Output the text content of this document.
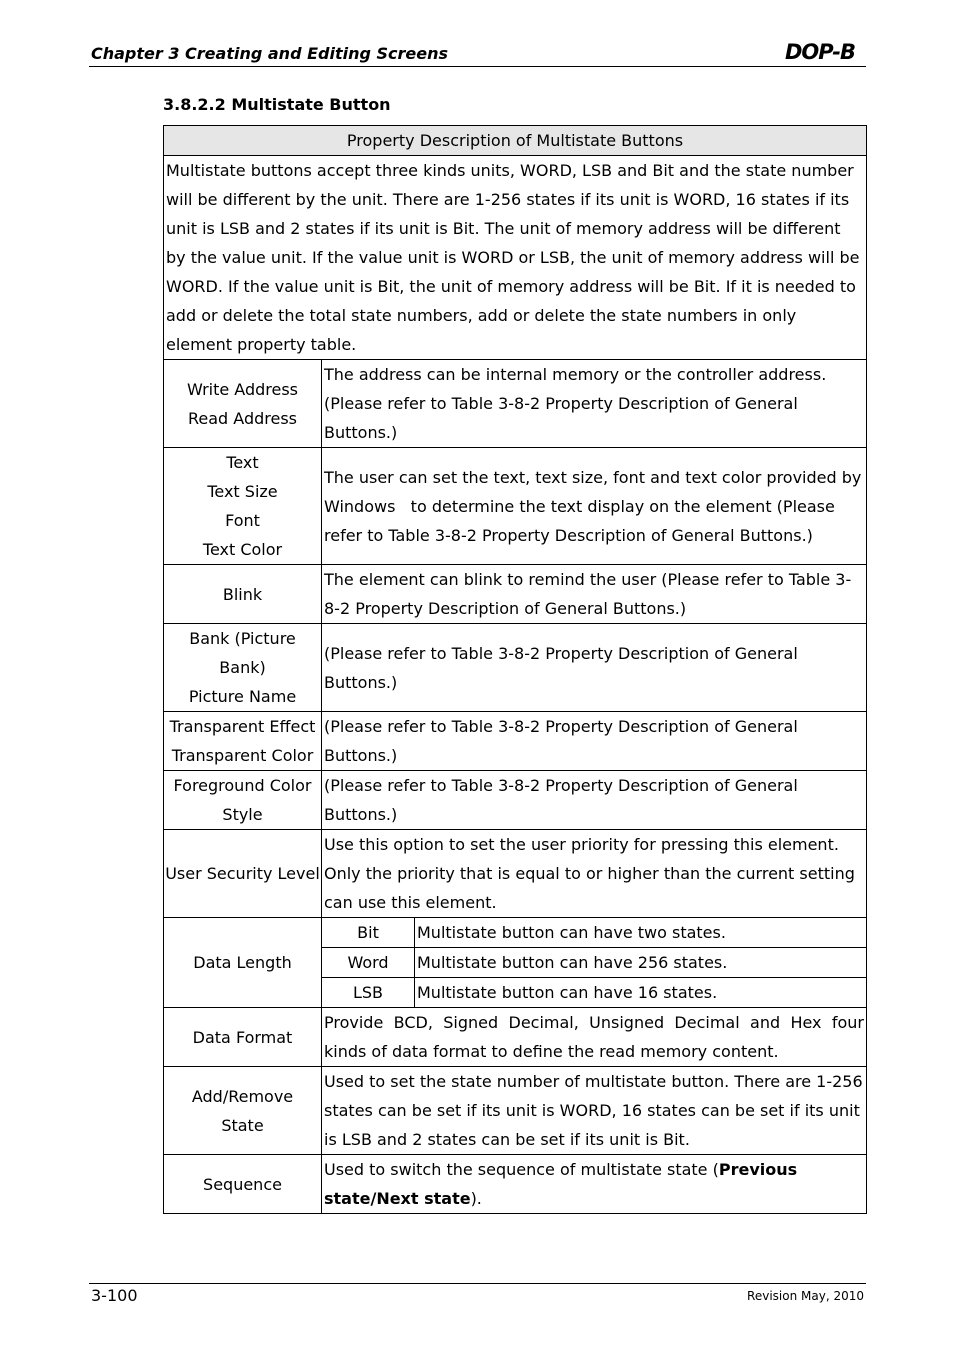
Chapter 3 Creating and Editing Screens	DOP-B
3.8.2.2 Multistate Button
Property Description of Multistate Buttons		
Multistate buttons accept three kinds units, WORD, LSB and Bit and the state number will be different by the unit. There are 1-256 states if its unit is WORD, 16 states if its unit is LSB and 2 states if its unit is Bit. The unit of memory address will be different by the value unit. If the value unit is WORD or LSB, the unit of memory address will be WORD. If the value unit is Bit, the unit of memory address will be Bit. If it is needed to add or delete the total state numbers, add or delete the state numbers in only element property table.		

Write Address
Read Address	The address can be internal memory or the controller address. (Please refer to Table 3-8-2 Property Description of General Buttons.)	

Text
Text Size
Font
Text Color	The user can set the text, text size, font and text color provided by Windows   to determine the text display on the element (Please refer to Table 3-8-2 Property Description of General Buttons.)	

Blink	The element can blink to remind the user (Please refer to Table 3-8-2 Property Description of General Buttons.)	

Bank (Picture Bank)
Picture Name	(Please refer to Table 3-8-2 Property Description of General Buttons.)	

Transparent Effect
Transparent Color	(Please refer to Table 3-8-2 Property Description of General Buttons.)	

Foreground Color
Style	(Please refer to Table 3-8-2 Property Description of General Buttons.)	

User Security Level	Use this option to set the user priority for pressing this element. Only the priority that is equal to or higher than the current setting can use this element.	
Data Length	Bit	Multistate button can have two states.
	Word	Multistate button can have 256 states.
	LSB	Multistate button can have 16 states.
Data Format	Provide BCD, Signed Decimal, Unsigned Decimal and Hex four kinds of data format to define the read memory content.	

Add/Remove
State	Used to set the state number of multistate button. There are 1-256 states can be set if its unit is WORD, 16 states can be set if its unit is LSB and 2 states can be set if its unit is Bit.	
Sequence	Used to switch the sequence of multistate state (Previous state/Next state).	
3-100	Revision May, 2010
